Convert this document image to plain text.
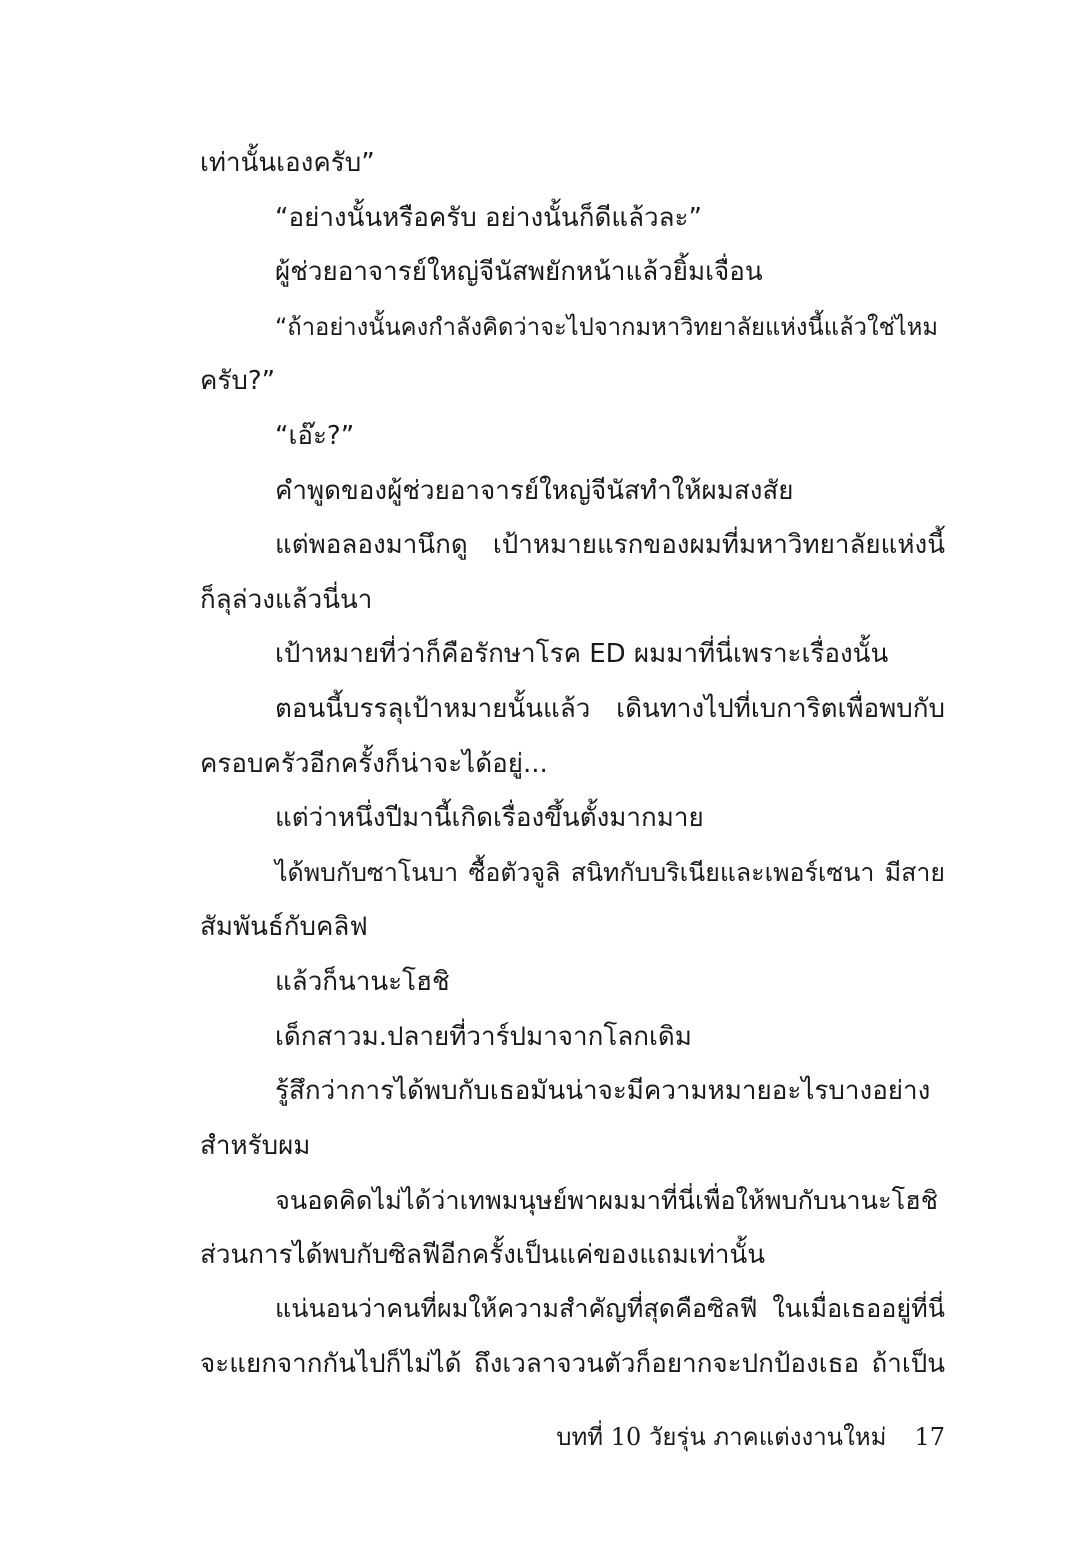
เท่านั้นเองครับ”
“อย่างนั้นหรือครับ อย่างนั้นก็ดีแล้วละ”
ผู้ช่วยอาจารย์ใหญ่จีนัสพยักหน้าแล้วยิ้มเจื่อน
“ถ้าอย่างนั้นคงกำลังคิดว่าจะไปจากมหาวิทยาลัยแห่งนี้แล้วใช่ไหม
ครับ?”
“เอ๊ะ?”
คำพูดของผู้ช่วยอาจารย์ใหญ่จีนัสทำให้ผมสงสัย
แต่พอลองมานึกดู เป้าหมายแรกของผมที่มหาวิทยาลัยแห่งนี้
ก็ลุล่วงแล้วนี่นา
เป้าหมายที่ว่าก็คือรักษาโรค ED ผมมาที่นี่เพราะเรื่องนั้น
ตอนนี้บรรลุเป้าหมายนั้นแล้ว เดินทางไปที่เบการิตเพื่อพบกับ
ครอบครัวอีกครั้งก็น่าจะได้อยู่...
แต่ว่าหนึ่งปีมานี้เกิดเรื่องขึ้นตั้งมากมาย
ได้พบกับซาโนบา ซื้อตัวจูลิ สนิทกับบริเนียและเพอร์เซนา มีสาย
สัมพันธ์กับคลิฟ
แล้วก็นานะโฮชิ
เด็กสาวม.ปลายที่วาร์ปมาจากโลกเดิม
รู้สึกว่าการได้พบกับเธอมันน่าจะมีความหมายอะไรบางอย่าง
สำหรับผม
จนอดคิดไม่ได้ว่าเทพมนุษย์พาผมมาที่นี่เพื่อให้พบกับนานะโฮชิ
ส่วนการได้พบกับซิลฟีอีกครั้งเป็นแค่ของแถมเท่านั้น
แน่นอนว่าคนที่ผมให้ความสำคัญที่สุดคือซิลฟี ในเมื่อเธออยู่ที่นี่
จะแยกจากกันไปก็ไม่ได้ ถึงเวลาจวนตัวก็อยากจะปกป้องเธอ ถ้าเป็น
บทที่ 10 วัยรุ่น ภาคแต่งงานใหม่ 17
